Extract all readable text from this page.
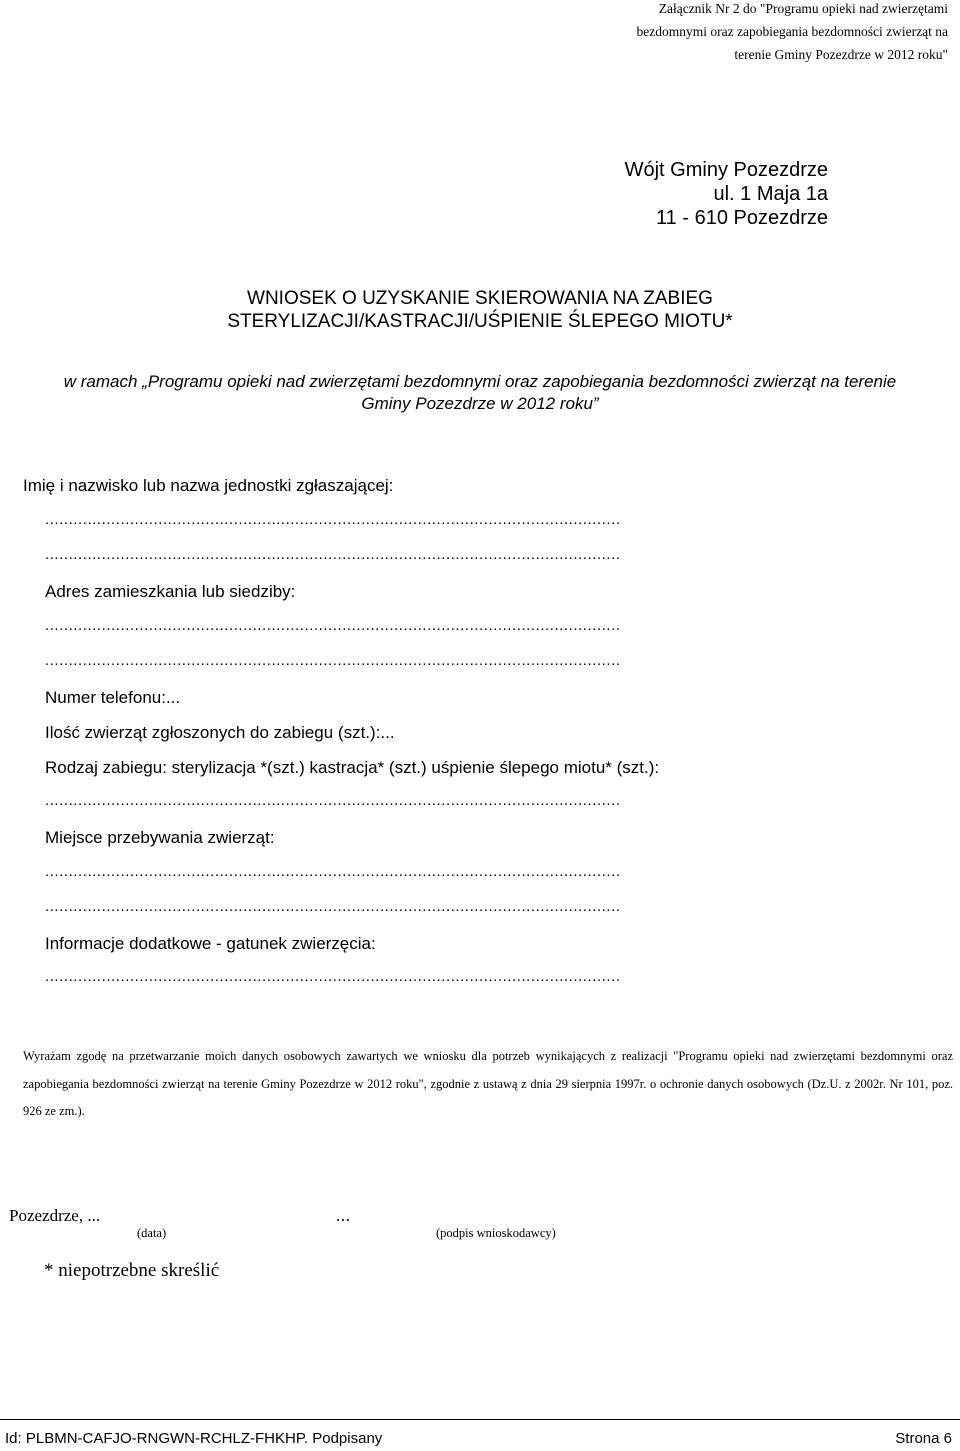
Załącznik Nr 2 do "Programu opieki nad zwierzętami
bezdomnymi oraz zapobiegania bezdomności zwierząt na
terenie Gminy Pozezdrze w 2012 roku"
Wójt Gminy Pozezdrze
ul. 1 Maja 1a
11 - 610 Pozezdrze
WNIOSEK O UZYSKANIE SKIEROWANIA NA ZABIEG
STERYLIZACJI/KASTRACJI/UŚPIENIE ŚLEPEGO MIOTU*
w ramach „Programu opieki nad zwierzętami bezdomnymi oraz zapobiegania bezdomności zwierząt na terenie
Gminy Pozezdrze w 2012 roku”
Imię i nazwisko lub nazwa jednostki zgłaszającej:
..........................................................................................................................
..........................................................................................................................
Adres zamieszkania lub siedziby:
..........................................................................................................................
..........................................................................................................................
Numer telefonu:...
Ilość zwierząt zgłoszonych do zabiegu (szt.):...
Rodzaj zabiegu: sterylizacja *(szt.) kastracja* (szt.) uśpienie ślepego miotu* (szt.):
..........................................................................................................................
Miejsce przebywania zwierząt:
..........................................................................................................................
..........................................................................................................................
Informacje dodatkowe - gatunek zwierzęcia:
..........................................................................................................................
Wyrażam zgodę na przetwarzanie moich danych osobowych zawartych we wniosku dla potrzeb wynikających z realizacji "Programu opieki nad zwierzętami bezdomnymi oraz zapobiegania bezdomności zwierząt na terenie Gminy Pozezdrze w 2012 roku", zgodnie z ustawą z dnia 29 sierpnia 1997r. o ochronie danych osobowych (Dz.U. z 2002r. Nr 101, poz. 926 ze zm.).
Pozezdrze, ...	...
(data)	(podpis wnioskodawcy)
* niepotrzebne skreślić
Id: PLBMN-CAFJO-RNGWN-RCHLZ-FHKHP. Podpisany	Strona 6
